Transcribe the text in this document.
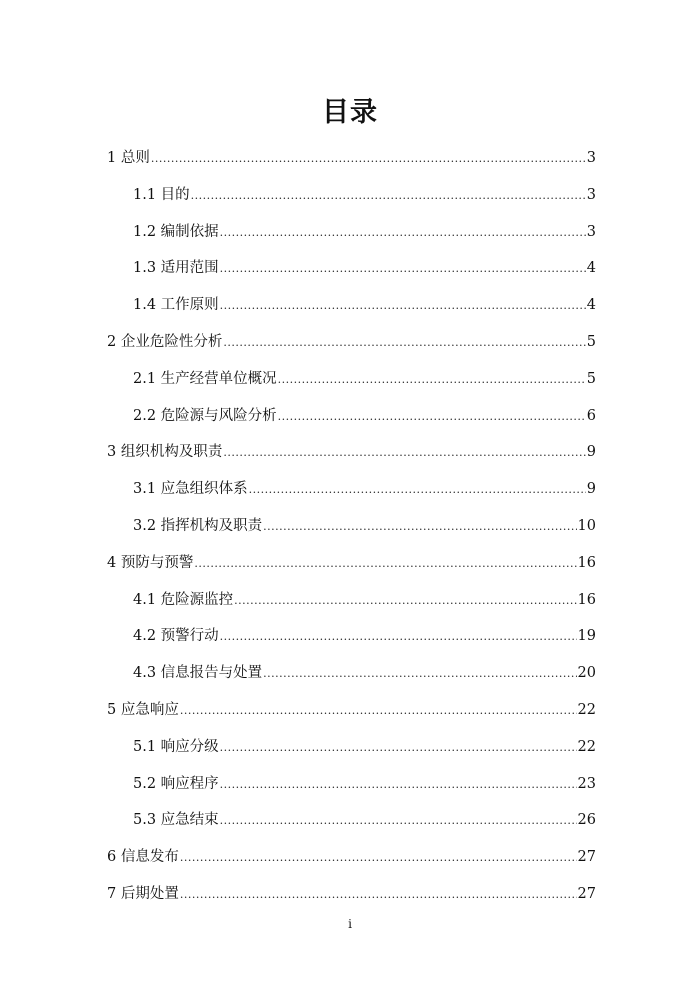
目录
1 总则 .....	3
1.1 目的 .....	3
1.2 编制依据 .....	3
1.3 适用范围 .....	4
1.4 工作原则 .....	4
2 企业危险性分析 .....	5
2.1 生产经营单位概况 .....	5
2.2 危险源与风险分析 .....	6
3 组织机构及职责 .....	9
3.1 应急组织体系 .....	9
3.2 指挥机构及职责 .....	10
4 预防与预警 .....	16
4.1 危险源监控 .....	16
4.2 预警行动 .....	19
4.3 信息报告与处置 .....	20
5 应急响应 .....	22
5.1 响应分级 .....	22
5.2 响应程序 .....	23
5.3 应急结束 .....	26
6 信息发布 .....	27
7 后期处置 .....	27
i
